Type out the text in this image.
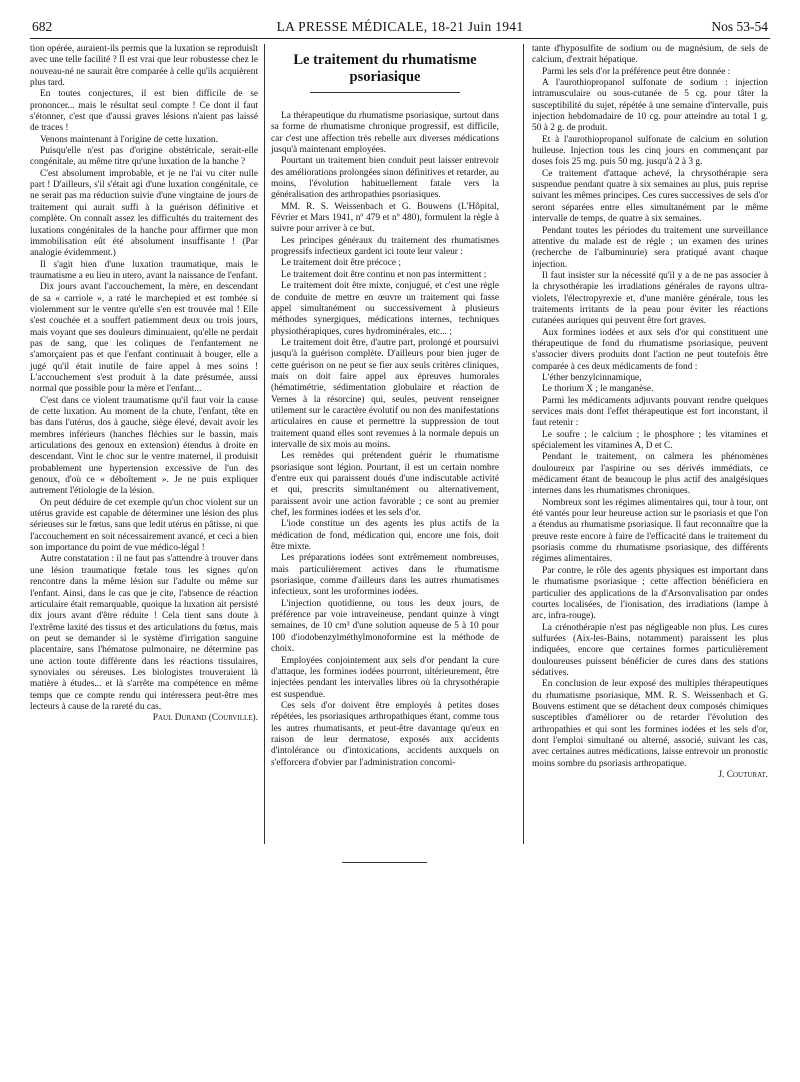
682	LA PRESSE MÉDICALE, 18-21 Juin 1941	Nos 53-54

tion opérée, auraient-ils permis que la luxation se reproduisît avec une telle facilité ? Il est vrai que leur robustesse chez le nouveau-né ne saurait être comparée à celle qu'ils acquièrent plus tard.

En toutes conjectures, il est bien difficile de se prononcer... mais le résultat seul compte ! Ce dont il faut s'étonner, c'est que d'aussi graves lésions n'aient pas laissé de traces !

Venons maintenant à l'origine de cette luxation.

Puisqu'elle n'est pas d'origine obstétricale, serait-elle congénitale, au même titre qu'une luxation de la hanche ?

C'est absolument improbable, et je ne l'ai vu citer nulle part ! D'ailleurs, s'il s'était agi d'une luxation congénitale, ce ne serait pas ma réduction suivie d'une vingtaine de jours de traitement qui aurait suffi à la guérison définitive et complète. On connaît assez les difficultés du traitement des luxations congénitales de la hanche pour affirmer que mon immobilisation eût été absolument insuffisante ! (Par analogie évidemment.)

Il s'agit bien d'une luxation traumatique, mais le traumatisme a eu lieu in utero, avant la naissance de l'enfant.

Dix jours avant l'accouchement, la mère, en descendant de sa « carriole », a raté le marchepied et est tombée si violemment sur le ventre qu'elle s'en est trouvée mal ! Elle s'est couchée et a souffert patiemment deux ou trois jours, mais voyant que ses douleurs diminuaient, qu'elle ne perdait pas de sang, que les coliques de l'enfantement ne s'amorçaient pas et que l'enfant continuait à bouger, elle a jugé qu'il était inutile de faire appel à mes soins ! L'accouchement s'est produit à la date présumée, aussi normal que possible pour la mère et l'enfant...

C'est dans ce violent traumatisme qu'il faut voir la cause de cette luxation. Au moment de la chute, l'enfant, tête en bas dans l'utérus, dos à gauche, siège élevé, devait avoir les membres inférieurs (hanches fléchies sur le bassin, mais articulations des genoux en extension) étendus à droite en descendant. Vint le choc sur le ventre maternel, il produisit probablement une hypertension excessive de l'un des genoux, d'où ce « déboîtement ». Je ne puis expliquer autrement l'étiologie de la lésion.

On peut déduire de cet exemple qu'un choc violent sur un utérus gravide est capable de déterminer une lésion des plus sérieuses sur le fœtus, sans que ledit utérus en pâtisse, ni que l'accouchement en soit nécessairement avancé, et ceci a bien son importance du point de vue médico-légal !

Autre constatation : il ne faut pas s'attendre à trouver dans une lésion traumatique fœtale tous les signes qu'on rencontre dans la même lésion sur l'adulte ou même sur l'enfant. Ainsi, dans le cas que je cite, l'absence de réaction articulaire était remarquable, quoique la luxation ait persisté dix jours avant d'être réduite ! Cela tient sans doute à l'extrême laxité des tissus et des articulations du fœtus, mais on peut se demander si le système d'irrigation sanguine placentaire, sans l'hématose pulmonaire, ne détermine pas une action toute différente dans les réactions tissulaires, synoviales ou séreuses. Les biologistes trouveraient là matière à études... et là s'arrête ma compétence en même temps que ce compte rendu qui intéressera peut-être mes lecteurs à cause de la rareté du cas.

Paul Durand (Courville).

Le traitement du rhumatisme psoriasique

La thérapeutique du rhumatisme psoriasique, surtout dans sa forme de rhumatisme chronique progressif, est difficile, car c'est une affection très rebelle aux diverses médications jusqu'à maintenant employées.

Pourtant un traitement bien conduit peut laisser entrevoir des améliorations prolongées sinon définitives et retarder, au moins, l'évolution habituellement fatale vers la généralisation des arthropathies psoriasiques.

MM. R. S. Weissenbach et G. Bouwens (L'Hôpital, Février et Mars 1941, nº 479 et nº 480), formulent la règle à suivre pour arriver à ce but.

Les principes généraux du traitement des rhumatismes progressifs infectieux gardent ici toute leur valeur :

Le traitement doit être précoce ;

Le traitement doit être continu et non pas intermittent ;

Le traitement doit être mixte, conjugué, et c'est une règle de conduite de mettre en œuvre un traitement qui fasse appel simultanément ou successivement à plusieurs méthodes synergiques, médications internes, techniques physiothérapiques, cures hydrominérales, etc... ;

Le traitement doit être, d'autre part, prolongé et poursuivi jusqu'à la guérison complète. D'ailleurs pour bien juger de cette guérison on ne peut se fier aux seuls critères cliniques, mais on doit faire appel aux épreuves humorales (hématimétrie, sédimentation globulaire et réaction de Vernes à la résorcine) qui, seules, peuvent renseigner utilement sur le caractère évolutif ou non des manifestations articulaires en cause et permettre la suppression de tout traitement quand elles sont revenues à la normale depuis un intervalle de six mois au moins.

Les remèdes qui prétendent guérir le rhumatisme psoriasique sont légion. Pourtant, il est un certain nombre d'entre eux qui paraissent doués d'une indiscutable activité et qui, prescrits simultanément ou alternativement, paraissent avoir une action favorable ; ce sont au premier chef, les formines iodées et les sels d'or.

L'iode constitue un des agents les plus actifs de la médication de fond, médication qui, encore une fois, doit être mixte.

Les préparations iodées sont extrêmement nombreuses, mais particulièrement actives dans le rhumatisme psoriasique, comme d'ailleurs dans les autres rhumatismes infectieux, sont les uroformines iodées.

L'injection quotidienne, ou tous les deux jours, de préférence par voie intraveineuse, pendant quinze à vingt semaines, de 10 cm³ d'une solution aqueuse de 5 à 10 pour 100 d'iodobenzylméthylmonoformine est la méthode de choix.

Employées conjointement aux sels d'or pendant la cure d'attaque, les formines iodées pourront, ultérieurement, être injectées pendant les intervalles libres où la chrysothérapie est suspendue.

Ces sels d'or doivent être employés à petites doses répétées, les psoriasiques arthropathiques étant, comme tous les autres rhumatisants, et peut-être davantage qu'eux en raison de leur dermatose, exposés aux accidents d'intolérance ou d'intoxications, accidents auxquels on s'efforcera d'obvier par l'administration concomi-

tante d'hyposulfite de sodium ou de magnésium, de sels de calcium, d'extrait hépatique.

Parmi les sels d'or la préférence peut être donnée :

A l'aurothiopropanol sulfonate de sodium : injection intramusculaire ou sous-cutanée de 5 cg. pour tâter la susceptibilité du sujet, répétée à une semaine d'intervalle, puis injection hebdomadaire de 10 cg. pour atteindre au total 1 g. 50 à 2 g. de produit.

Et à l'aurothiopropanol sulfonate de calcium en solution huileuse. Injection tous les cinq jours en commençant par doses fois 25 mg. puis 50 mg. jusqu'à 2 à 3 g.

Ce traitement d'attaque achevé, la chrysothérapie sera suspendue pendant quatre à six semaines au plus, puis reprise suivant les mêmes principes. Ces cures successives de sels d'or seront séparées entre elles simultanément par le même intervalle de temps, de quatre à six semaines.

Pendant toutes les périodes du traitement une surveillance attentive du malade est de règle ; un examen des urines (recherche de l'albuminurie) sera pratiqué avant chaque injection.

Il faut insister sur la nécessité qu'il y a de ne pas associer à la chrysothérapie les irradiations générales de rayons ultra-violets, l'électropyrexie et, d'une manière générale, tous les traitements irritants de la peau pour éviter les réactions cutanées auriques qui peuvent être fort graves.

Aux formines iodées et aux sels d'or qui constituent une thérapeutique de fond du rhumatisme psoriasique, peuvent s'associer divers produits dont l'action ne peut toutefois être comparée à ces deux médicaments de fond :

L'éther benzylcinnamique,

Le thorium X ; le manganèse.

Parmi les médicaments adjuvants pouvant rendre quelques services mais dont l'effet thérapeutique est fort inconstant, il faut retenir :

Le soufre ; le calcium ; le phosphore ; les vitamines et spécialement les vitamines A, D et C.

Pendant le traitement, on calmera les phénomènes douloureux par l'aspirine ou ses dérivés immédiats, ce médicament étant de beaucoup le plus actif des analgésiques internes dans les rhumatismes chroniques.

Nombreux sont les régimes alimentaires qui, tour à tour, ont été vantés pour leur heureuse action sur le psoriasis et que l'on a étendus au rhumatisme psoriasique. Il faut reconnaître que la preuve reste encore à faire de l'efficacité dans le traitement du psoriasis comme du rhumatisme psoriasique, des différents régimes alimentaires.

Par contre, le rôle des agents physiques est important dans le rhumatisme psoriasique ; cette affection bénéficiera en particulier des applications de la d'Arsonvalisation par ondes courtes localisées, de l'ionisation, des irradiations (lampe à arc, infra-rouge).

La crénothérapie n'est pas négligeable non plus. Les cures sulfurées (Aix-les-Bains, notamment) paraissent les plus indiquées, encore que certaines formes particulièrement douloureuses puissent bénéficier de cures dans des stations sédatives.

En conclusion de leur exposé des multiples thérapeutiques du rhumatisme psoriasique, MM. R. S. Weissenbach et G. Bouvens estiment que se détachent deux composés chimiques susceptibles d'améliorer ou de retarder l'évolution des arthropathies et qui sont les formines iodées et les sels d'or, dont l'emploi simultané ou alterné, associé, suivant les cas, avec certaines autres médications, laisse entrevoir un pronostic moins sombre du psoriasis arthropatique.

J. Couturat.
